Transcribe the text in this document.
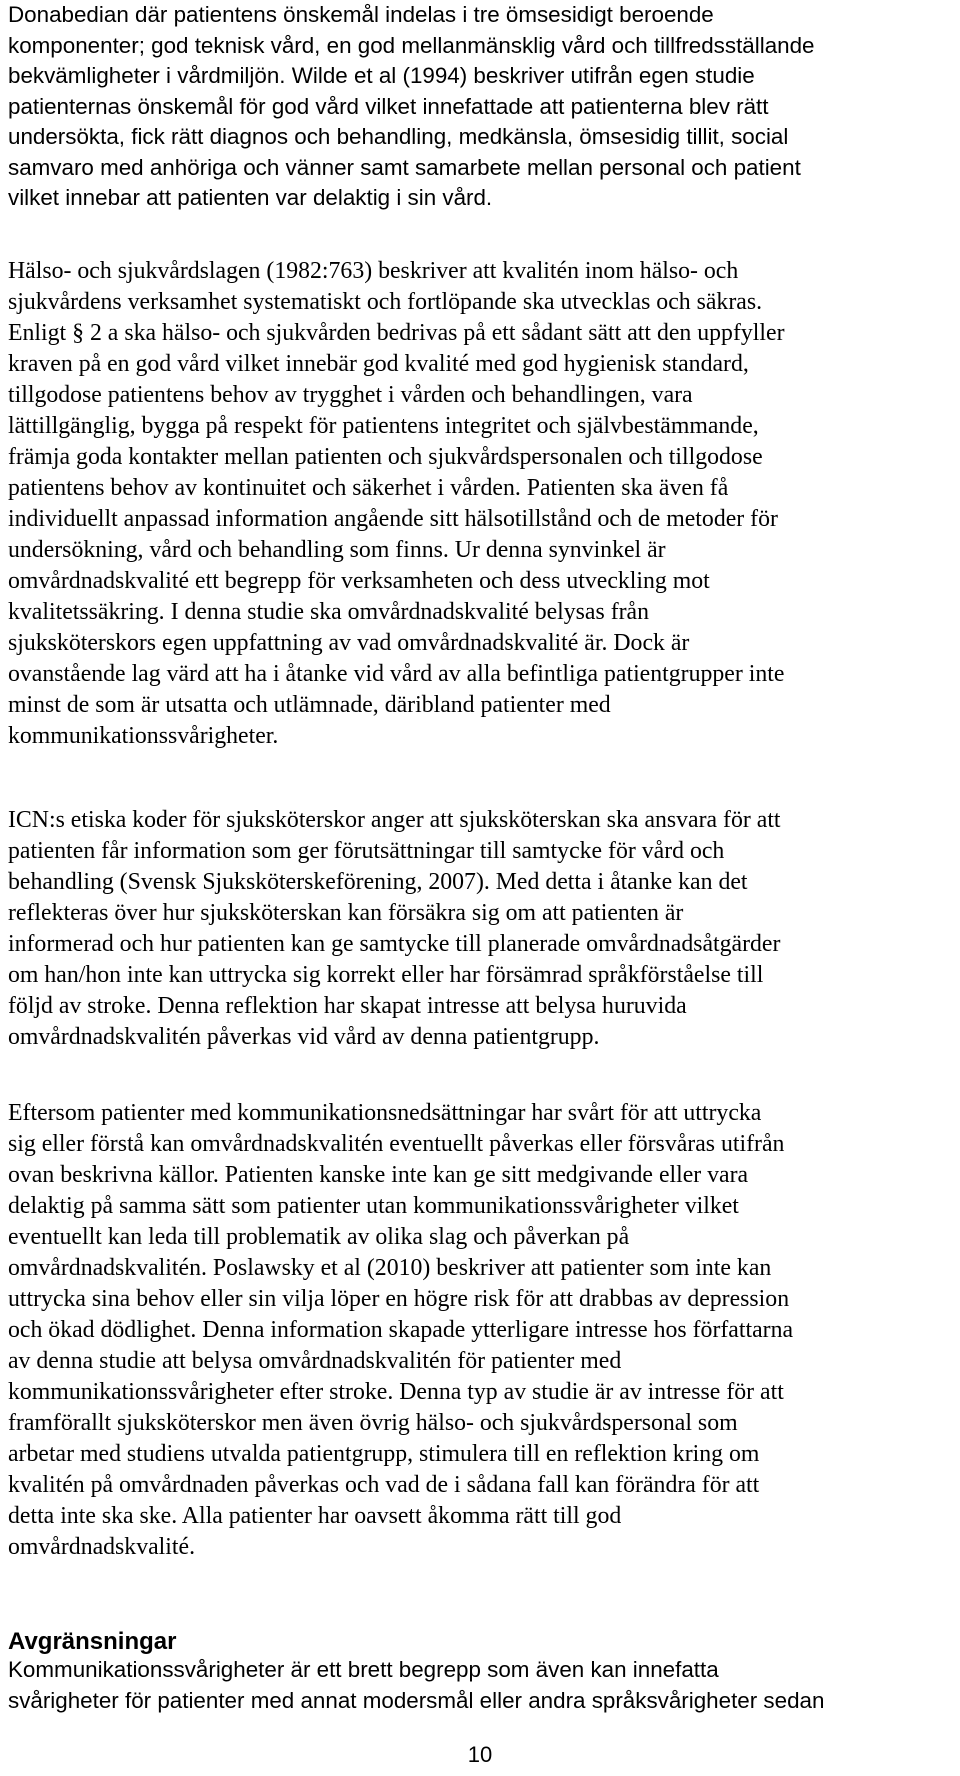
Donabedian där patientens önskemål indelas i tre ömsesidigt beroende

komponenter; god teknisk vård, en god mellanmänsklig vård och tillfredsställande

bekvämligheter i vårdmiljön. Wilde et al (1994) beskriver utifrån egen studie

patienternas önskemål för god vård vilket innefattade att patienterna blev rätt

undersökta, fick rätt diagnos och behandling, medkänsla, ömsesidig tillit, social

samvaro med anhöriga och vänner samt samarbete mellan personal och patient

vilket innebar att patienten var delaktig i sin vård.

Hälso- och sjukvårdslagen (1982:763) beskriver att kvalitén inom hälso- och

sjukvårdens verksamhet systematiskt och fortlöpande ska utvecklas och säkras.

Enligt § 2 a ska hälso- och sjukvården bedrivas på ett sådant sätt att den uppfyller

kraven på en god vård vilket innebär god kvalité med god hygienisk standard,

tillgodose patientens behov av trygghet i vården och behandlingen, vara

lättillgänglig, bygga på respekt för patientens integritet och självbestämmande,

främja goda kontakter mellan patienten och sjukvårdspersonalen och tillgodose

patientens behov av kontinuitet och säkerhet i vården. Patienten ska även få

individuellt anpassad information angående sitt hälsotillstånd och de metoder för

undersökning, vård och behandling som finns. Ur denna synvinkel är

omvårdnadskvalité ett begrepp för verksamheten och dess utveckling mot

kvalitetssäkring. I denna studie ska omvårdnadskvalité belysas från

sjuksköterskors egen uppfattning av vad omvårdnadskvalité är. Dock är

ovanstående lag värd att ha i åtanke vid vård av alla befintliga patientgrupper inte

minst de som är utsatta och utlämnade, däribland patienter med

kommunikationssvårigheter.

ICN:s etiska koder för sjuksköterskor anger att sjuksköterskan ska ansvara för att

patienten får information som ger förutsättningar till samtycke för vård och

behandling (Svensk Sjuksköterskeförening, 2007). Med detta i åtanke kan det

reflekteras över hur sjuksköterskan kan försäkra sig om att patienten är

informerad och hur patienten kan ge samtycke till planerade omvårdnadsåtgärder

om han/hon inte kan uttrycka sig korrekt eller har försämrad språkförståelse till

följd av stroke. Denna reflektion har skapat intresse att belysa huruvida

omvårdnadskvalitén påverkas vid vård av denna patientgrupp.

Eftersom patienter med kommunikationsnedsättningar har svårt för att uttrycka

sig eller förstå kan omvårdnadskvalitén eventuellt påverkas eller försvåras utifrån

ovan beskrivna källor. Patienten kanske inte kan ge sitt medgivande eller vara

delaktig på samma sätt som patienter utan kommunikationssvårigheter vilket

eventuellt kan leda till problematik av olika slag och påverkan på

omvårdnadskvalitén. Poslawsky et al (2010) beskriver att patienter som inte kan

uttrycka sina behov eller sin vilja löper en högre risk för att drabbas av depression

och ökad dödlighet. Denna information skapade ytterligare intresse hos författarna

av denna studie att belysa omvårdnadskvalitén för patienter med

kommunikationssvårigheter efter stroke. Denna typ av studie är av intresse för att

framförallt sjuksköterskor men även övrig hälso- och sjukvårdspersonal som

arbetar med studiens utvalda patientgrupp, stimulera till en reflektion kring om

kvalitén på omvårdnaden påverkas och vad de i sådana fall kan förändra för att

detta inte ska ske. Alla patienter har oavsett åkomma rätt till god

omvårdnadskvalité.

Avgränsningar

Kommunikationssvårigheter är ett brett begrepp som även kan innefatta

svårigheter för patienter med annat modersmål eller andra språksvårigheter sedan

10
